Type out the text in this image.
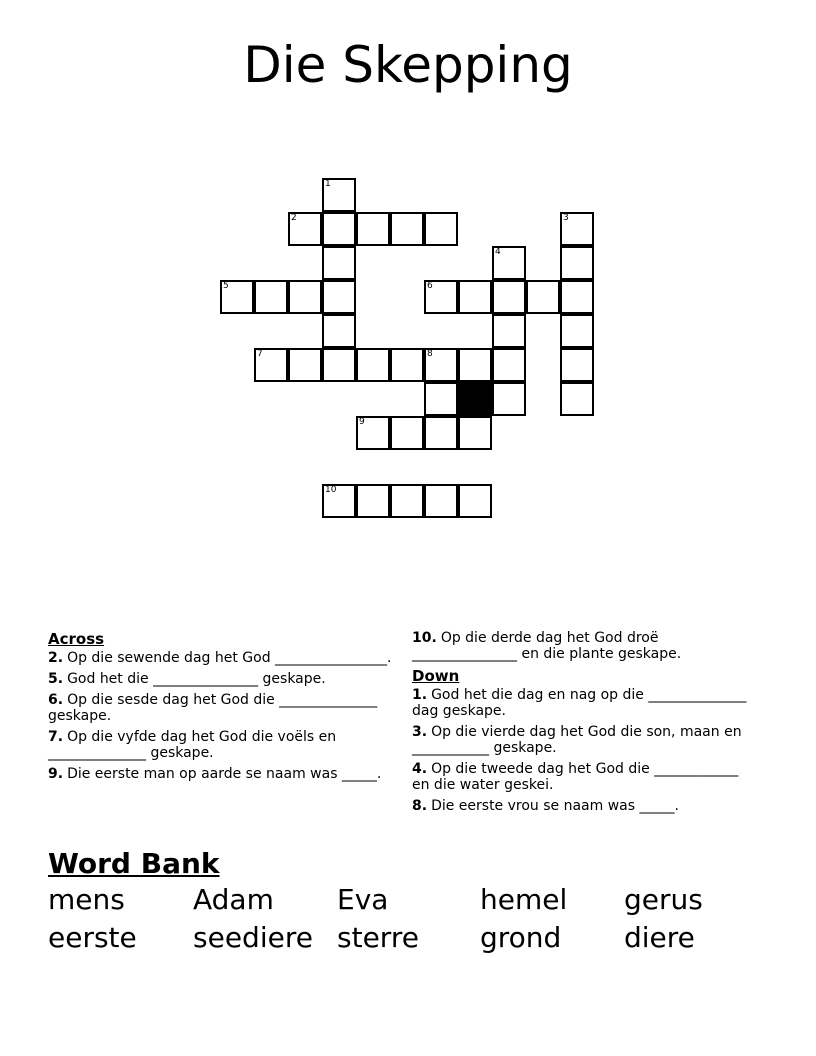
Die Skepping
1
2	3
4
5	6
7	8
9
10
Across
2. Op die sewende dag het God ________________.
5. God het die _______________ geskape.
6. Op die sesde dag het God die ______________ geskape.
7. Op die vyfde dag het God die voëls en ______________ geskape.
9. Die eerste man op aarde se naam was _____.
10. Op die derde dag het God droë _______________ en die plante geskape.
Down
1. God het die dag en nag op die ______________ dag geskape.
3. Op die vierde dag het God die son, maan en ___________ geskape.
4. Op die tweede dag het God die ____________ en die water geskei.
8. Die eerste vrou se naam was _____.
Word Bank
mens Adam Eva	hemel gerus
eerste seediere sterre grond diere
